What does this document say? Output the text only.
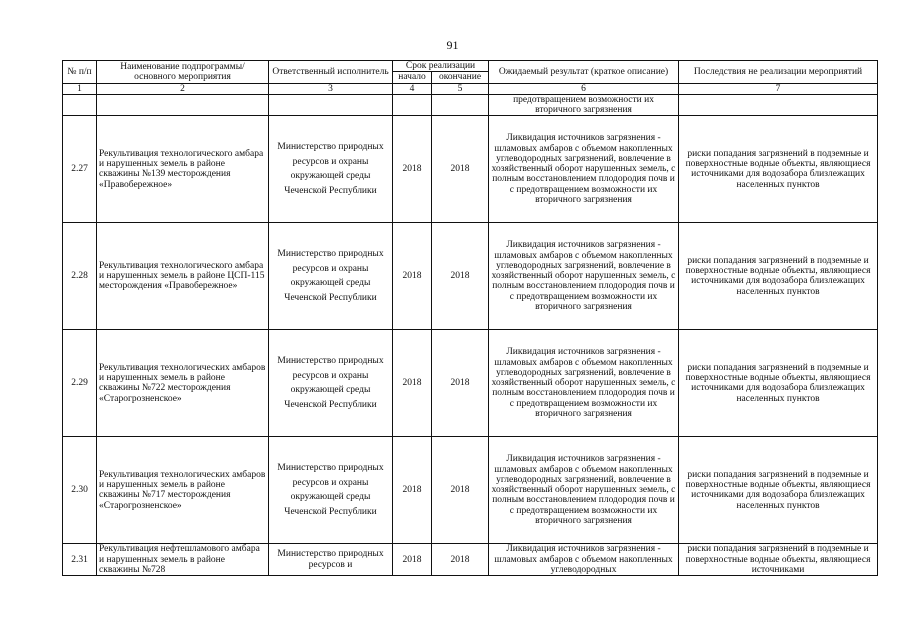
91
№ п/п	Наименование подпрограммы/ основного мероприятия	Ответственный исполнитель	Срок реализации		Ожидаемый результат (краткое описание)	Последствия не реализации мероприятий
			начало	окончание		
1	2	3	4	5	6	7
					предотвращением возможности их вторичного загрязнения	
2.27	Рекультивация технологического амбара и нарушенных земель в районе скважины №139 месторождения «Правобережное»	Министерство природных ресурсов и охраны окружающей среды Чеченской Республики	2018	2018	Ликвидация источников загрязнения - шламовых амбаров с объемом накопленных углеводородных загрязнений, вовлечение в хозяйственный оборот нарушенных земель, с полным восстановлением плодородия почв и с предотвращением возможности их вторичного загрязнения	риски попадания загрязнений в подземные и поверхностные водные объекты, являющиеся источниками для водозабора близлежащих населенных пунктов
2.28	Рекультивация технологического амбара и нарушенных земель в районе ЦСП-115 месторождения «Правобережное»	Министерство природных ресурсов и охраны окружающей среды Чеченской Республики	2018	2018	Ликвидация источников загрязнения - шламовых амбаров с объемом накопленных углеводородных загрязнений, вовлечение в хозяйственный оборот нарушенных земель, с полным восстановлением плодородия почв и с предотвращением возможности их вторичного загрязнения	риски попадания загрязнений в подземные и поверхностные водные объекты, являющиеся источниками для водозабора близлежащих населенных пунктов
2.29	Рекультивация технологических амбаров и нарушенных земель в районе скважины №722 месторождения «Старогрозненское»	Министерство природных ресурсов и охраны окружающей среды Чеченской Республики	2018	2018	Ликвидация источников загрязнения - шламовых амбаров с объемом накопленных углеводородных загрязнений, вовлечение в хозяйственный оборот нарушенных земель, с полным восстановлением плодородия почв и с предотвращением возможности их вторичного загрязнения	риски попадания загрязнений в подземные и поверхностные водные объекты, являющиеся источниками для водозабора близлежащих населенных пунктов
2.30	Рекультивация технологических амбаров и нарушенных земель в районе скважины №717 месторождения «Старогрозненское»	Министерство природных ресурсов и охраны окружающей среды Чеченской Республики	2018	2018	Ликвидация источников загрязнения - шламовых амбаров с объемом накопленных углеводородных загрязнений, вовлечение в хозяйственный оборот нарушенных земель, с полным восстановлением плодородия почв и с предотвращением возможности их вторичного загрязнения	риски попадания загрязнений в подземные и поверхностные водные объекты, являющиеся источниками для водозабора близлежащих населенных пунктов
2.31	Рекультивация нефтешламового амбара и нарушенных земель в районе скважины №728	Министерство природных ресурсов и	2018	2018	Ликвидация источников загрязнения - шламовых амбаров с объемом накопленных углеводородных	риски попадания загрязнений в подземные и поверхностные водные объекты, являющиеся источниками
